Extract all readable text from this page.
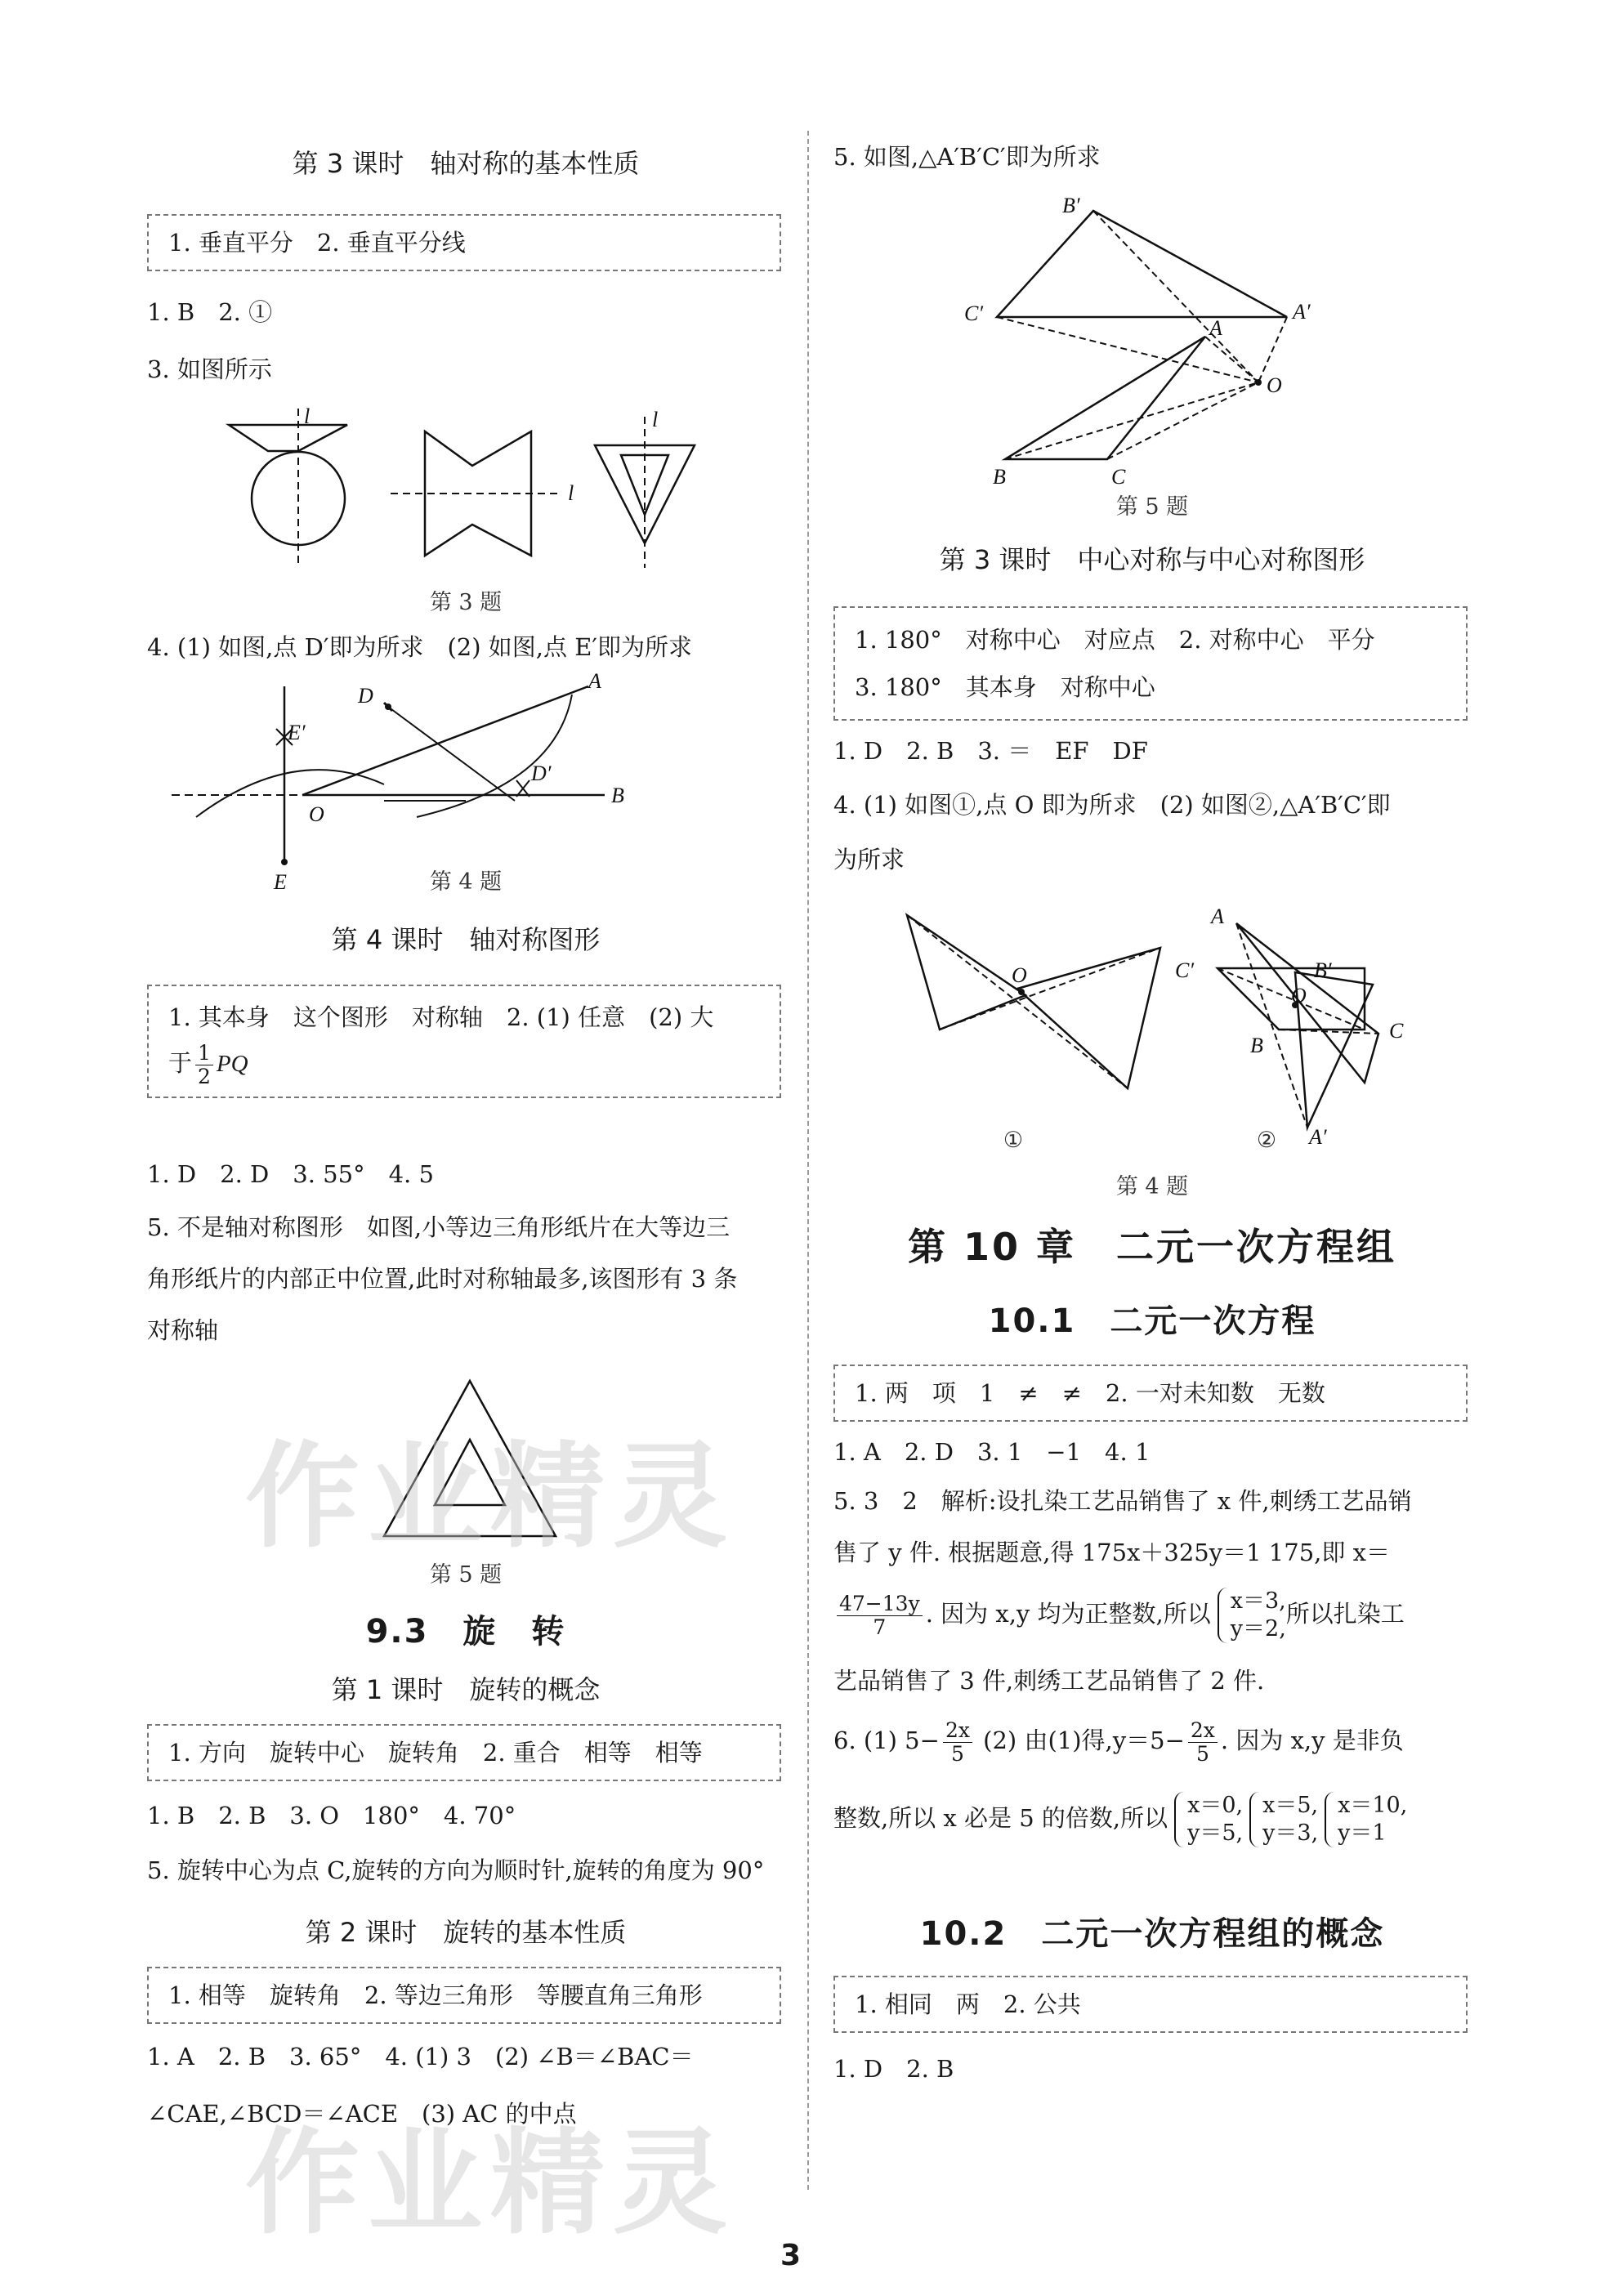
第 3 课时　轴对称的基本性质
1. 垂直平分　2. 垂直平分线
1. B　2. ①
3. 如图所示
l
l
l
第 3 题
4. (1) 如图,点 D′即为所求　(2) 如图,点 E′即为所求
D
A
E′
D′
O
B
E	第 4 题
第 4 课时　轴对称图形
1. 其本身　这个图形　对称轴　2. (1) 任意　(2) 大
于 $\frac{1}{2}$ PQ
1. D　2. D　3. 55°　4. 5
5. 不是轴对称图形　如图,小等边三角形纸片在大等边三
角形纸片的内部正中位置,此时对称轴最多,该图形有 3 条
对称轴
第 5 题
9.3　旋　转
第 1 课时　旋转的概念
1. 方向　旋转中心　旋转角　2. 重合　相等　相等
1. B　2. B　3. O　180°　4. 70°
5. 旋转中心为点 C,旋转的方向为顺时针,旋转的角度为 90°
第 2 课时　旋转的基本性质
1. 相等　旋转角　2. 等边三角形　等腰直角三角形
1. A　2. B　3. 65°　4. (1) 3　(2) ∠B＝∠BAC＝
∠CAE,∠BCD＝∠ACE　(3) AC 的中点
5. 如图,△A′B′C′即为所求
B′
C′	A′
A
O
B	C
第 5 题
第 3 课时　中心对称与中心对称图形
1. 180°　对称中心　对应点　2. 对称中心　平分
3. 180°　其本身　对称中心
1. D　2. B　3. ＝　EF　DF
4. (1) 如图①,点 O 即为所求　(2) 如图②,△A′B′C′即
为所求
O
A
C′	B′
O
C
B
A′
①	②
第 4 题
第 10 章　二元一次方程组
10.1　二元一次方程
1. 两　项　1　≠　≠　2. 一对未知数　无数
1. A　2. D　3. 1　−1　4. 1
5. 3　2　解析:设扎染工艺品销售了 x 件,刺绣工艺品销
售了 y 件. 根据题意,得 175x＋325y＝1 175,即 x＝
$\frac{47-13y}{7}$ . 因为 x,y 均为正整数,所以 x＝3,
y＝2,
所以扎染工
艺品销售了 3 件,刺绣工艺品销售了 2 件.
6. (1) $5- \frac{2x}{5} (2)$ 由(1)得$,y=5- \frac{2x}{5}$ . 因为 x,y 是非负
整数,所以 x 必是 5 的倍数,所以 x＝0,
y＝5,
x＝5,
y＝3,
x＝10,
y＝1
10.2　二元一次方程组的概念
1. 相同　两　2. 公共
1. D　2. B
作业精灵
作业精灵
3
